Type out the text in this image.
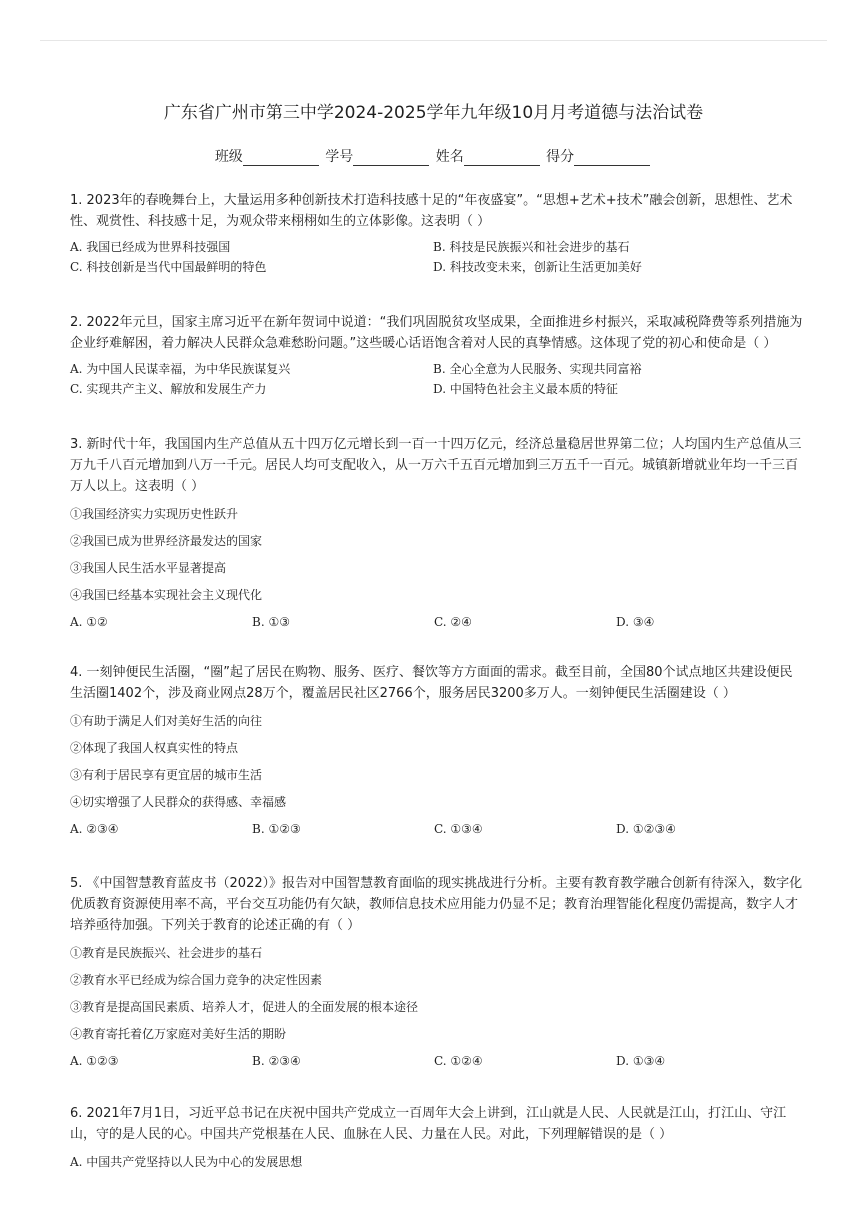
广东省广州市第三中学2024-2025学年九年级10月月考道德与法治试卷
班级	学号	姓名	得分
1. 2023年的春晚舞台上，大量运用多种创新技术打造科技感十足的“年夜盛宴”。“思想+艺术+技术”融会创新，思想性、艺术性、观赏性、科技感十足，为观众带来栩栩如生的立体影像。这表明（ ）
A. 我国已经成为世界科技强国	B. 科技是民族振兴和社会进步的基石
C. 科技创新是当代中国最鲜明的特色	D. 科技改变未来，创新让生活更加美好
2. 2022年元旦，国家主席习近平在新年贺词中说道：“我们巩固脱贫攻坚成果，全面推进乡村振兴，采取减税降费等系列措施为企业纾难解困，着力解决人民群众急难愁盼问题。”这些暖心话语饱含着对人民的真挚情感。这体现了党的初心和使命是（ ）
A. 为中国人民谋幸福，为中华民族谋复兴	B. 全心全意为人民服务、实现共同富裕
C. 实现共产主义、解放和发展生产力	D. 中国特色社会主义最本质的特征
3. 新时代十年，我国国内生产总值从五十四万亿元增长到一百一十四万亿元，经济总量稳居世界第二位；人均国内生产总值从三万九千八百元增加到八万一千元。居民人均可支配收入，从一万六千五百元增加到三万五千一百元。城镇新增就业年均一千三百万人以上。这表明（ ）
①我国经济实力实现历史性跃升
②我国已成为世界经济最发达的国家
③我国人民生活水平显著提高
④我国已经基本实现社会主义现代化
A. ①②	B. ①③	C. ②④	D. ③④
4. 一刻钟便民生活圈，“圈”起了居民在购物、服务、医疗、餐饮等方方面面的需求。截至目前，全国80个试点地区共建设便民生活圈1402个，涉及商业网点28万个，覆盖居民社区2766个，服务居民3200多万人。一刻钟便民生活圈建设（ ）
①有助于满足人们对美好生活的向往
②体现了我国人权真实性的特点
③有利于居民享有更宜居的城市生活
④切实增强了人民群众的获得感、幸福感
A. ②③④	B. ①②③	C. ①③④	D. ①②③④
5. 《中国智慧教育蓝皮书（2022）》报告对中国智慧教育面临的现实挑战进行分析。主要有教育教学融合创新有待深入，数字化优质教育资源使用率不高，平台交互功能仍有欠缺，教师信息技术应用能力仍显不足；教育治理智能化程度仍需提高，数字人才培养亟待加强。下列关于教育的论述正确的有（ ）
①教育是民族振兴、社会进步的基石
②教育水平已经成为综合国力竞争的决定性因素
③教育是提高国民素质、培养人才，促进人的全面发展的根本途径
④教育寄托着亿万家庭对美好生活的期盼
A. ①②③	B. ②③④	C. ①②④	D. ①③④
6. 2021年7月1日，习近平总书记在庆祝中国共产党成立一百周年大会上讲到，江山就是人民、人民就是江山，打江山、守江山，守的是人民的心。中国共产党根基在人民、血脉在人民、力量在人民。对此，下列理解错误的是（ ）
A. 中国共产党坚持以人民为中心的发展思想
